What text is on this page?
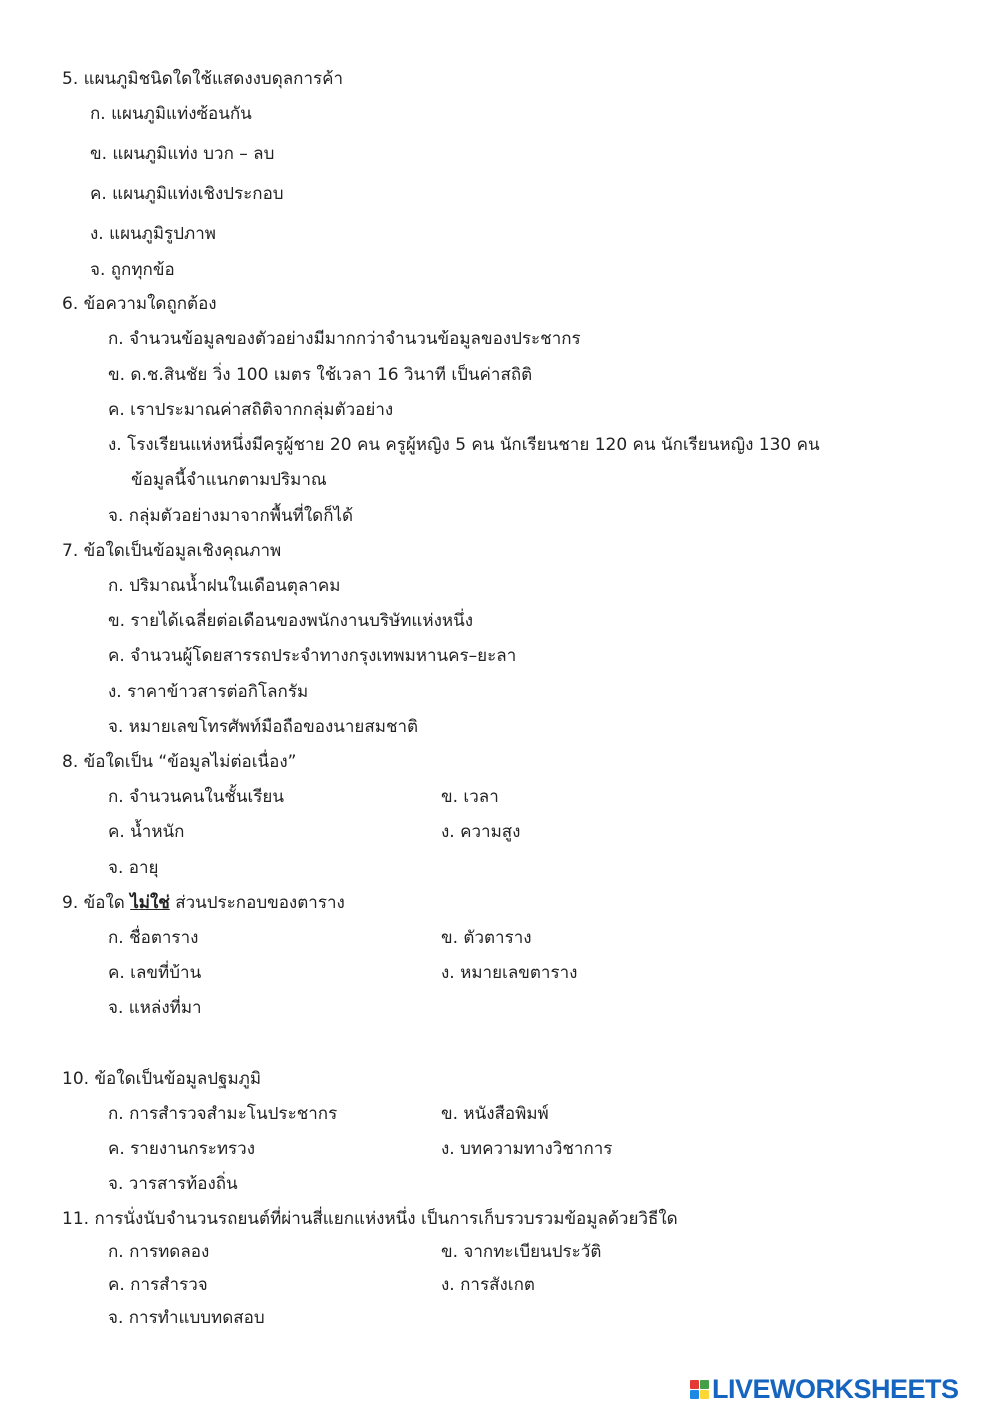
5. แผนภูมิชนิดใดใช้แสดงงบดุลการค้า
ก. แผนภูมิแท่งซ้อนกัน
ข. แผนภูมิแท่ง บวก – ลบ
ค. แผนภูมิแท่งเชิงประกอบ
ง. แผนภูมิรูปภาพ
จ. ถูกทุกข้อ
6. ข้อความใดถูกต้อง
ก. จำนวนข้อมูลของตัวอย่างมีมากกว่าจำนวนข้อมูลของประชากร
ข. ด.ช.สินชัย วิ่ง 100 เมตร ใช้เวลา 16 วินาที เป็นค่าสถิติ
ค. เราประมาณค่าสถิติจากกลุ่มตัวอย่าง
ง. โรงเรียนแห่งหนึ่งมีครูผู้ชาย 20 คน ครูผู้หญิง 5 คน นักเรียนชาย 120 คน นักเรียนหญิง 130 คน
ข้อมูลนี้จำแนกตามปริมาณ
จ. กลุ่มตัวอย่างมาจากพื้นที่ใดก็ได้
7. ข้อใดเป็นข้อมูลเชิงคุณภาพ
ก. ปริมาณน้ำฝนในเดือนตุลาคม
ข. รายได้เฉลี่ยต่อเดือนของพนักงานบริษัทแห่งหนึ่ง
ค. จำนวนผู้โดยสารรถประจำทางกรุงเทพมหานคร–ยะลา
ง. ราคาข้าวสารต่อกิโลกรัม
จ. หมายเลขโทรศัพท์มือถือของนายสมชาติ
8. ข้อใดเป็น “ข้อมูลไม่ต่อเนื่อง”
ก. จำนวนคนในชั้นเรียน	ข. เวลา
ค. น้ำหนัก	ง. ความสูง
จ. อายุ
9. ข้อใด ไม่ใช่ ส่วนประกอบของตาราง
ก. ชื่อตาราง	ข. ตัวตาราง
ค. เลขที่บ้าน	ง. หมายเลขตาราง
จ. แหล่งที่มา
10. ข้อใดเป็นข้อมูลปฐมภูมิ
ก. การสำรวจสำมะโนประชากร	ข. หนังสือพิมพ์
ค. รายงานกระทรวง	ง. บทความทางวิชาการ
จ. วารสารท้องถิ่น
11. การนั่งนับจำนวนรถยนต์ที่ผ่านสี่แยกแห่งหนึ่ง เป็นการเก็บรวบรวมข้อมูลด้วยวิธีใด
ก. การทดลอง	ข. จากทะเบียนประวัติ
ค. การสำรวจ	ง. การสังเกต
จ. การทำแบบทดสอบ
LIVEWORKSHEETS
